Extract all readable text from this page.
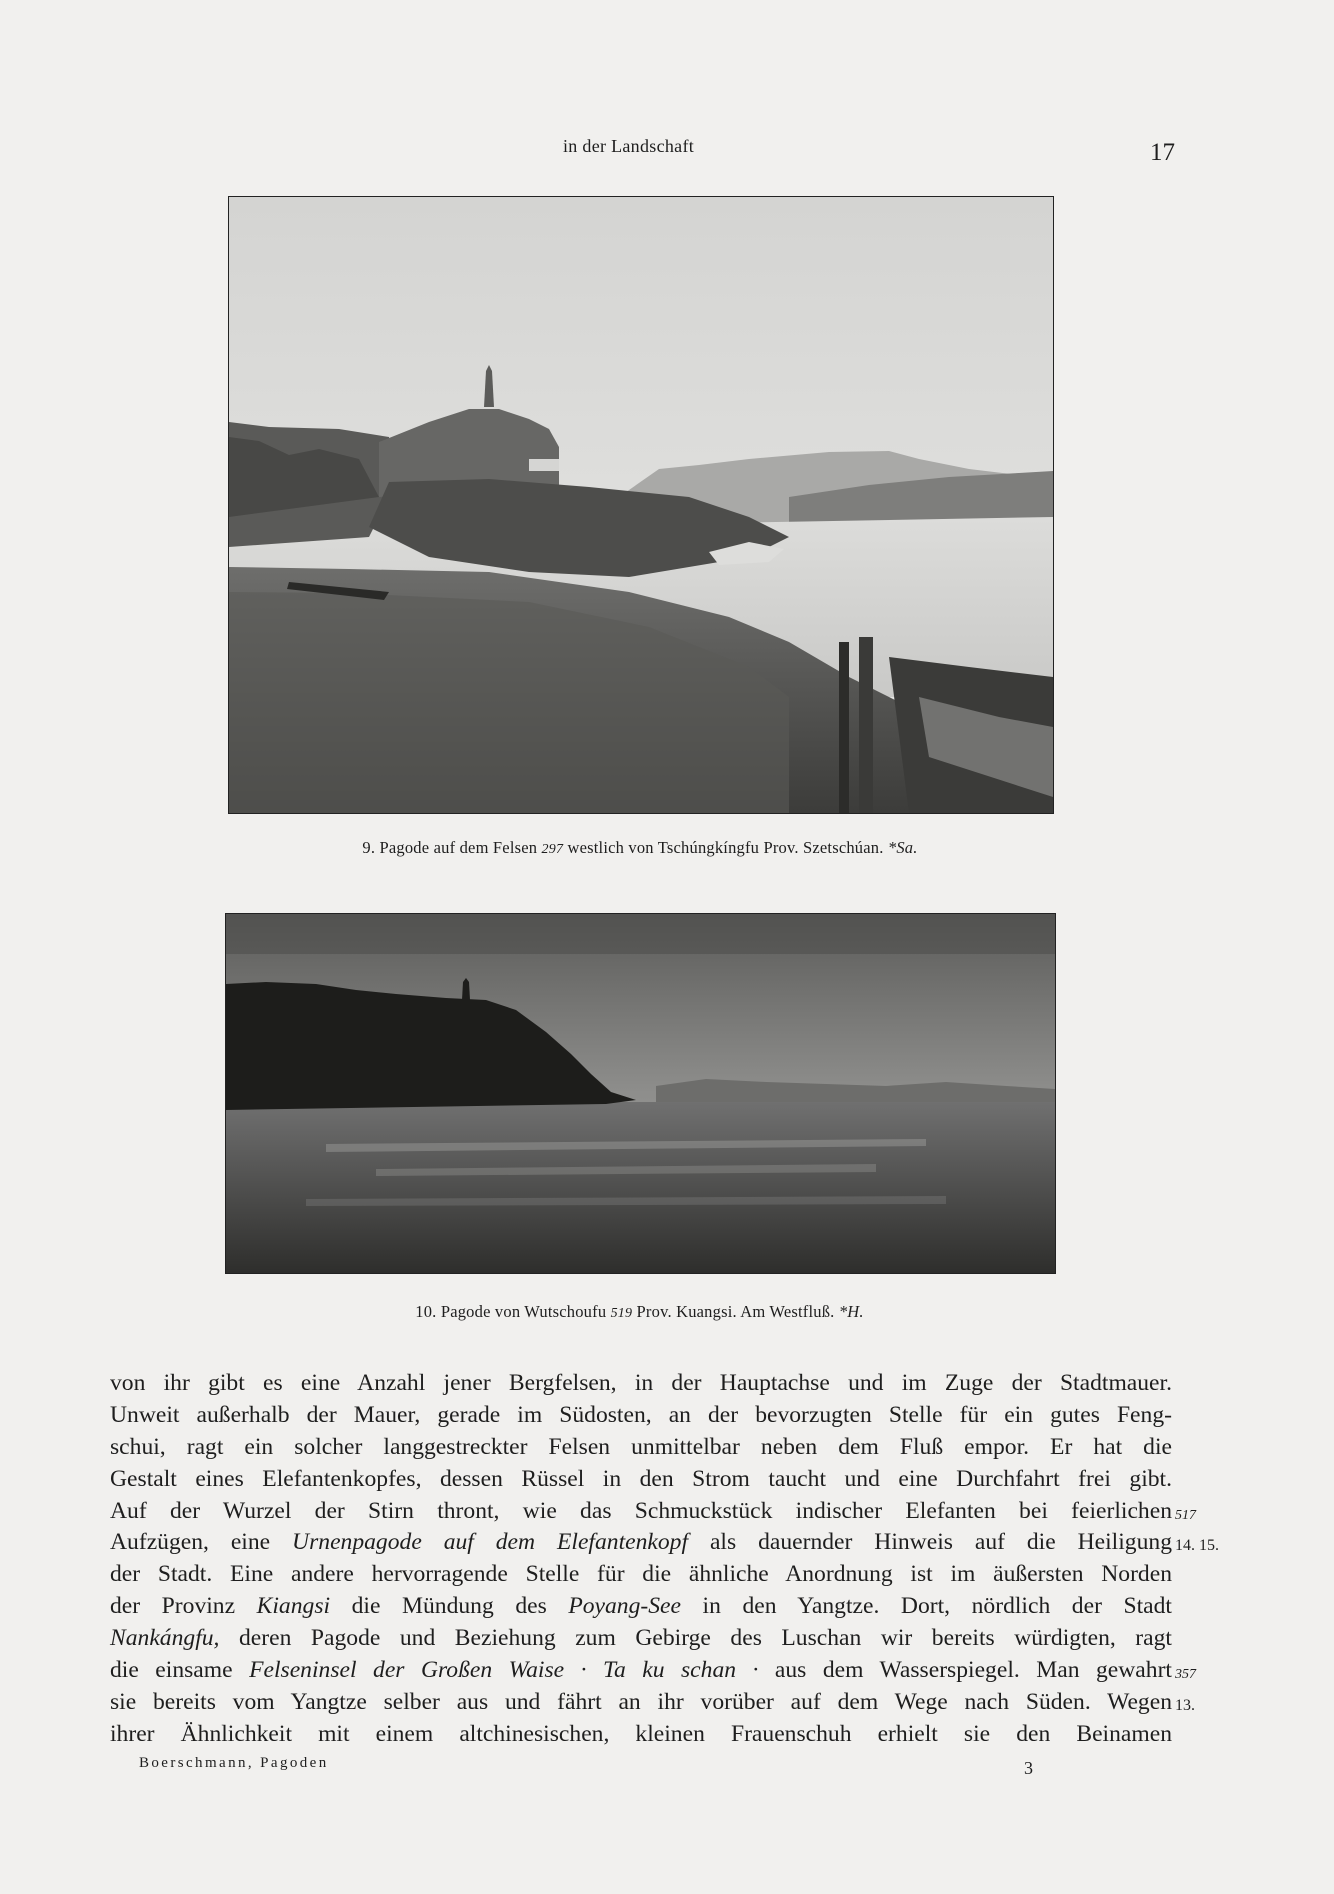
in der Landschaft	17
9. Pagode auf dem Felsen 297 westlich von Tschúngkíngfu Prov. Szetschúan. *Sa.
10. Pagode von Wutschoufu 519 Prov. Kuangsi. Am Westfluß. *H.
von ihr gibt es eine Anzahl jener Bergfelsen, in der Hauptachse und im Zuge der Stadtmauer.
Unweit außerhalb der Mauer, gerade im Südosten, an der bevorzugten Stelle für ein gutes Feng-
schui, ragt ein solcher langgestreckter Felsen unmittelbar neben dem Fluß empor. Er hat die
Gestalt eines Elefantenkopfes, dessen Rüssel in den Strom taucht und eine Durchfahrt frei gibt.
Auf der Wurzel der Stirn thront, wie das Schmuckstück indischer Elefanten bei feierlichen
Aufzügen, eine Urnenpagode auf dem Elefantenkopf als dauernder Hinweis auf die Heiligung
der Stadt. Eine andere hervorragende Stelle für die ähnliche Anordnung ist im äußersten Norden
der Provinz Kiangsi die Mündung des Poyang-See in den Yangtze. Dort, nördlich der Stadt
Nankángfu, deren Pagode und Beziehung zum Gebirge des Luschan wir bereits würdigten, ragt
die einsame Felseninsel der Großen Waise · Ta ku schan · aus dem Wasserspiegel. Man gewahrt
sie bereits vom Yangtze selber aus und fährt an ihr vorüber auf dem Wege nach Süden. Wegen
ihrer Ähnlichkeit mit einem altchinesischen, kleinen Frauenschuh erhielt sie den Beinamen
517
14. 15.
357
13.
Boerschmann, Pagoden	3
